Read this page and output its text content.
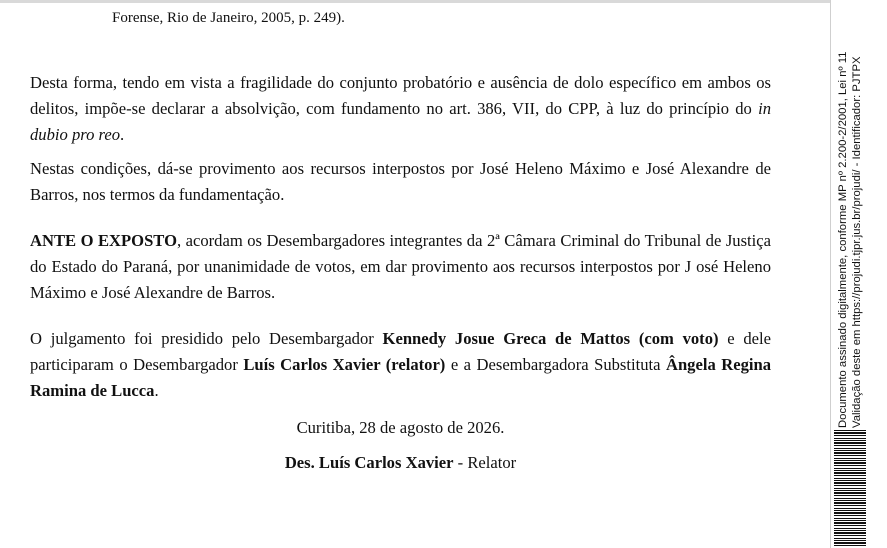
Forense, Rio de Janeiro, 2005, p. 249).

Desta forma, tendo em vista a fragilidade do conjunto probatório e ausência de dolo específico em ambos os delitos, impõe-se declarar a absolvição, com fundamento no art. 386, VII, do CPP, à luz do princípio do in dubio pro reo.

Nestas condições, dá-se provimento aos recursos interpostos por José Heleno Máximo e José Alexandre de Barros, nos termos da fundamentação.

ANTE O EXPOSTO, acordam os Desembargadores integrantes da 2ª Câmara Criminal do Tribunal de Justiça do Estado do Paraná, por unanimidade de votos, em dar provimento aos recursos interpostos por J osé Heleno Máximo e José Alexandre de Barros.

O julgamento foi presidido pelo Desembargador Kennedy Josue Greca de Mattos (com voto) e dele participaram o Desembargador Luís Carlos Xavier (relator) e a Desembargadora Substituta Ângela Regina Ramina de Lucca.

Curitiba, 28 de agosto de 2026.
Des. Luís Carlos Xavier - Relator
Documento assinado digitalmente, conforme MP nº 2.200-2/2001, Lei nº 11 Validação deste em https://projudi.tjpr.jus.br/projudi/ - Identificador: PJTPX
